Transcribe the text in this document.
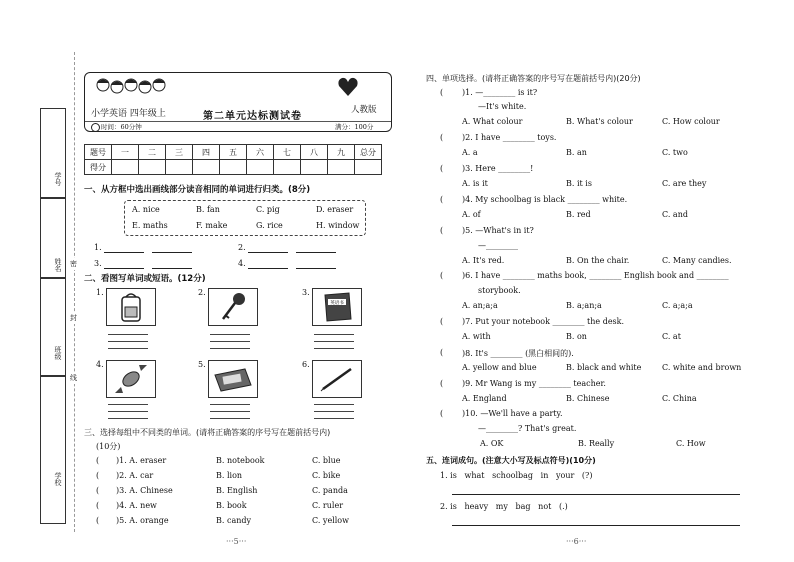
学号
姓名
班级
学校
密
封
线
小学英语 四年级上	第二单元达标测试卷
人教版
时间：60分钟	满分：100分
题号	一	二	三	四	五	六	七	八	九	总分
得分										
一、从方框中选出画线部分读音相同的单词进行归类。(8分)
A. nice	B. fan	C. pig	D. eraser
E. maths	F. make	G. rice	H. window
1.	2.
3.	4.
二、看图写单词或短语。(12分)
1.	2.	3.
英语书
4.	5.	6.
三、选择每组中不同类的单词。(请将正确答案的序号写在题前括号内)
(10分)
( )1. A. eraser	B. notebook	C. blue
( )2. A. car	B. lion	C. bike
( )3. A. Chinese	B. English	C. panda
( )4. A. new	B. book	C. ruler
( )5. A. orange	B. candy	C. yellow
···5···
四、单项选择。(请将正确答案的序号写在题前括号内)(20分)
( )1. —________ is it?
—It's white.
A. What colour	B. What's colour	C. How colour
( )2. I have ________ toys.
A. a	B. an	C. two
( )3. Here ________!
A. is it	B. it is	C. are they
( )4. My schoolbag is black ________ white.
A. of	B. red	C. and
( )5. —What's in it?
—________
A. It's red.	B. On the chair.	C. Many candies.
( )6. I have ________ maths book, ________ English book and ________
storybook.
A. an;a;a	B. a;an;a	C. a;a;a
( )7. Put your notebook ________ the desk.
A. with	B. on	C. at
( )8. It's ________ (黑白相间的).
A. yellow and blue	B. black and white	C. white and brown
( )9. Mr Wang is my ________ teacher.
A. England	B. Chinese	C. China
( )10. —We'll have a party.
—________? That's great.
A. OK	B. Really	C. How
五、连词成句。(注意大小写及标点符号)(10分)
1. is   what   schoolbag   in   your   (?)
2. is   heavy   my   bag   not   (.)
···6···
